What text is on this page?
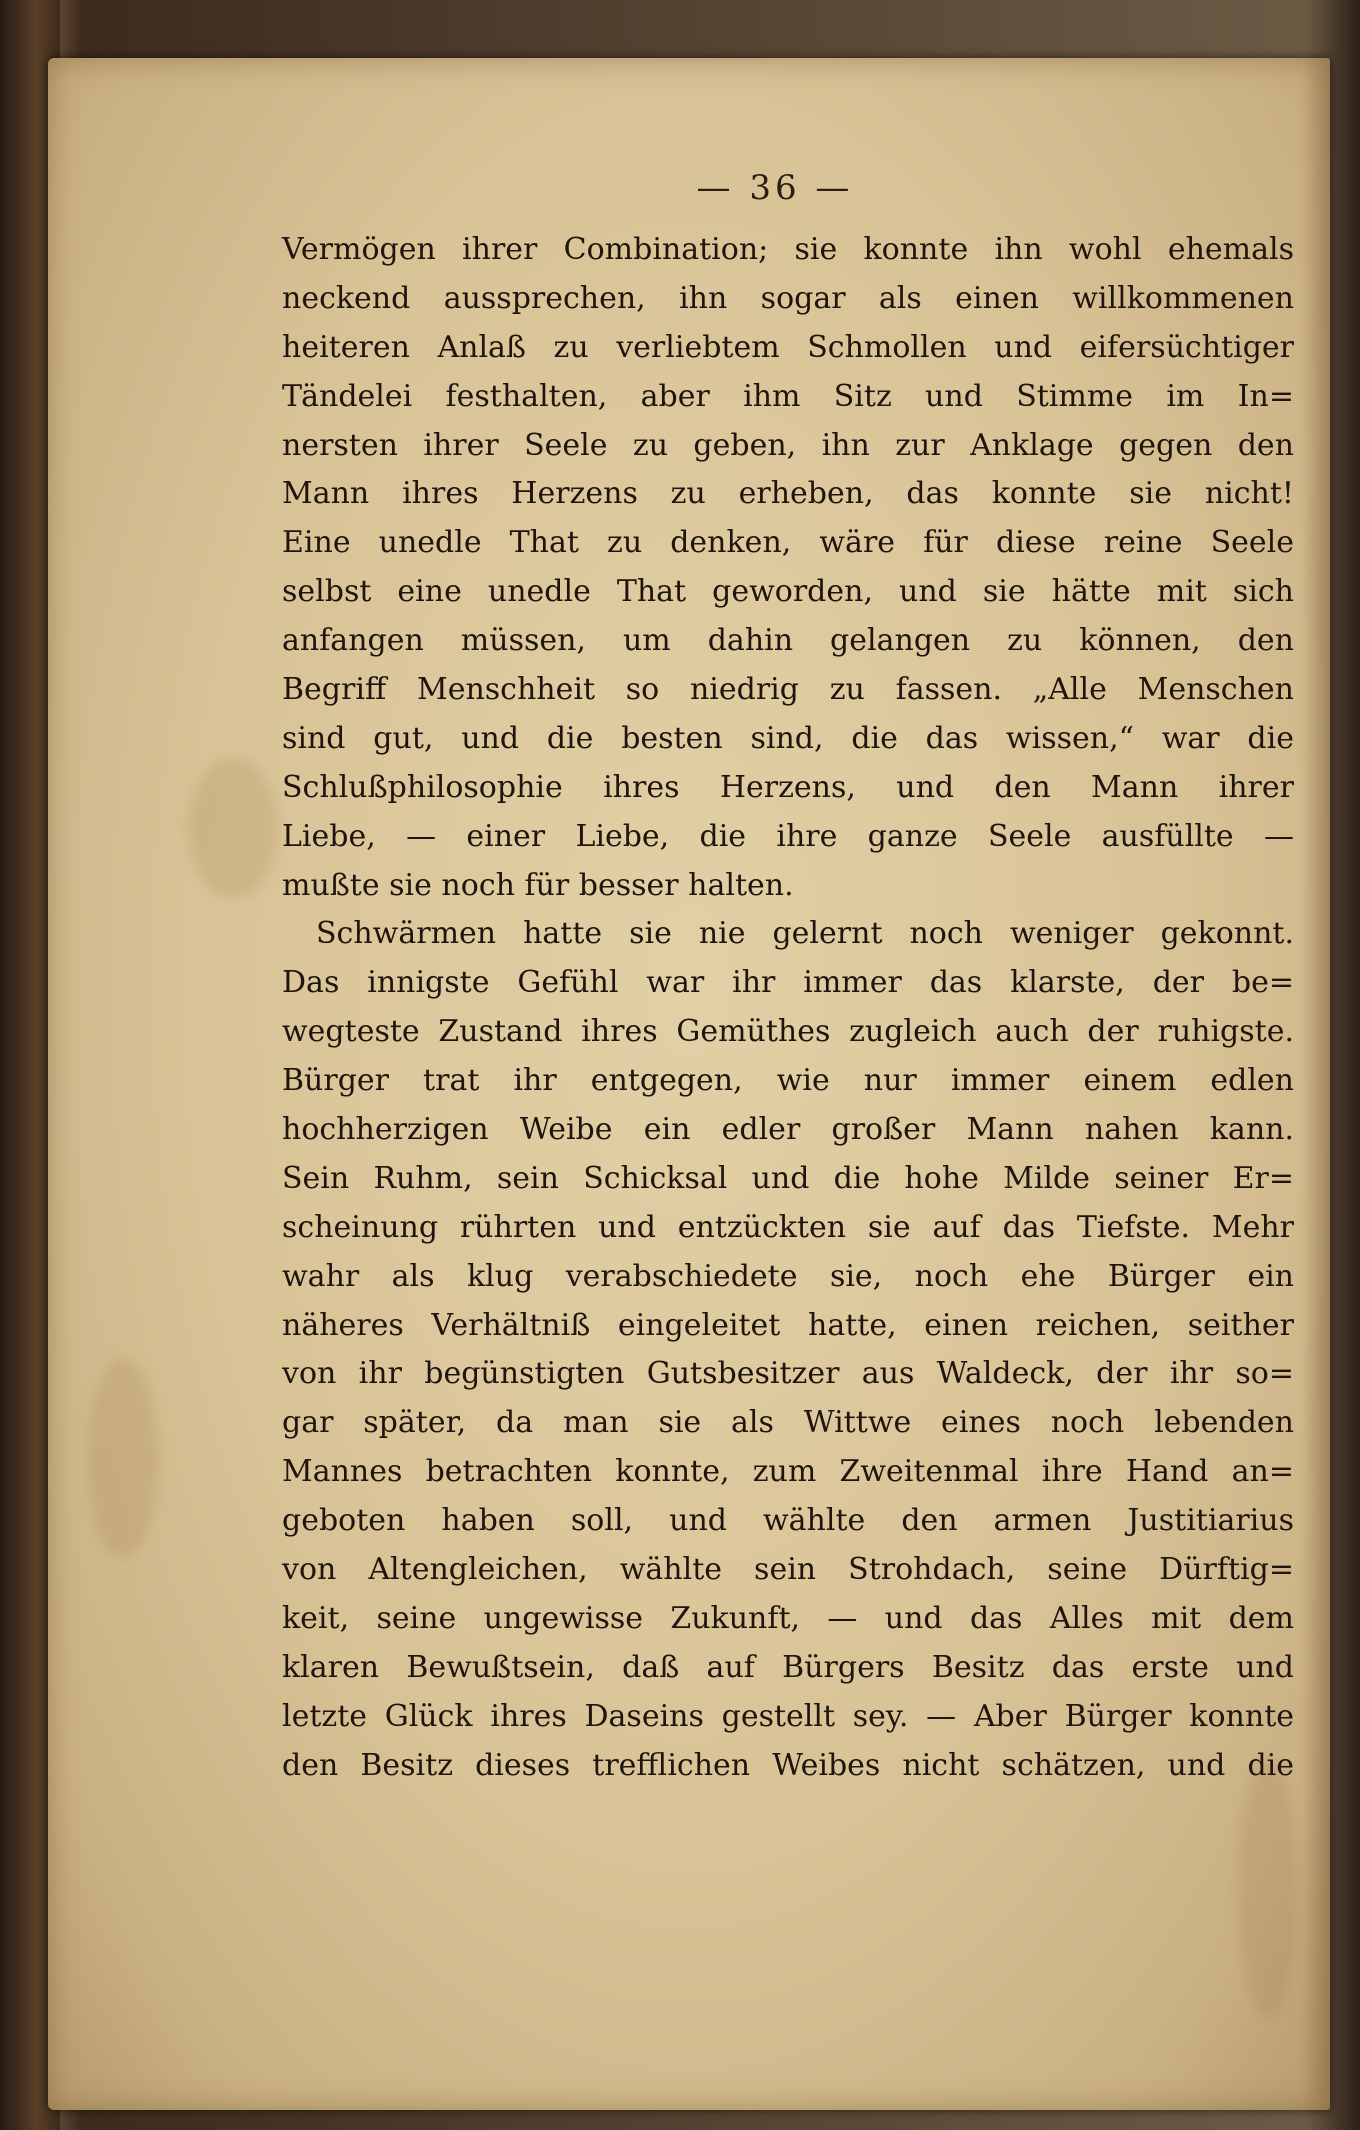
— 36 —
Vermögen ihrer Combination; sie konnte ihn wohl ehemals
neckend aussprechen, ihn sogar als einen willkommenen
heiteren Anlaß zu verliebtem Schmollen und eifersüchtiger
Tändelei festhalten, aber ihm Sitz und Stimme im In=
nersten ihrer Seele zu geben, ihn zur Anklage gegen den
Mann ihres Herzens zu erheben, das konnte sie nicht!
Eine unedle That zu denken, wäre für diese reine Seele
selbst eine unedle That geworden, und sie hätte mit sich
anfangen müssen, um dahin gelangen zu können, den
Begriff Menschheit so niedrig zu fassen. „Alle Menschen
sind gut, und die besten sind, die das wissen,“ war die
Schlußphilosophie ihres Herzens, und den Mann ihrer
Liebe, — einer Liebe, die ihre ganze Seele ausfüllte —
mußte sie noch für besser halten.
Schwärmen hatte sie nie gelernt noch weniger gekonnt.
Das innigste Gefühl war ihr immer das klarste, der be=
wegteste Zustand ihres Gemüthes zugleich auch der ruhigste.
Bürger trat ihr entgegen, wie nur immer einem edlen
hochherzigen Weibe ein edler großer Mann nahen kann.
Sein Ruhm, sein Schicksal und die hohe Milde seiner Er=
scheinung rührten und entzückten sie auf das Tiefste. Mehr
wahr als klug verabschiedete sie, noch ehe Bürger ein
näheres Verhältniß eingeleitet hatte, einen reichen, seither
von ihr begünstigten Gutsbesitzer aus Waldeck, der ihr so=
gar später, da man sie als Wittwe eines noch lebenden
Mannes betrachten konnte, zum Zweitenmal ihre Hand an=
geboten haben soll, und wählte den armen Justitiarius
von Altengleichen, wählte sein Strohdach, seine Dürftig=
keit, seine ungewisse Zukunft, — und das Alles mit dem
klaren Bewußtsein, daß auf Bürgers Besitz das erste und
letzte Glück ihres Daseins gestellt sey. — Aber Bürger konnte
den Besitz dieses trefflichen Weibes nicht schätzen, und die
